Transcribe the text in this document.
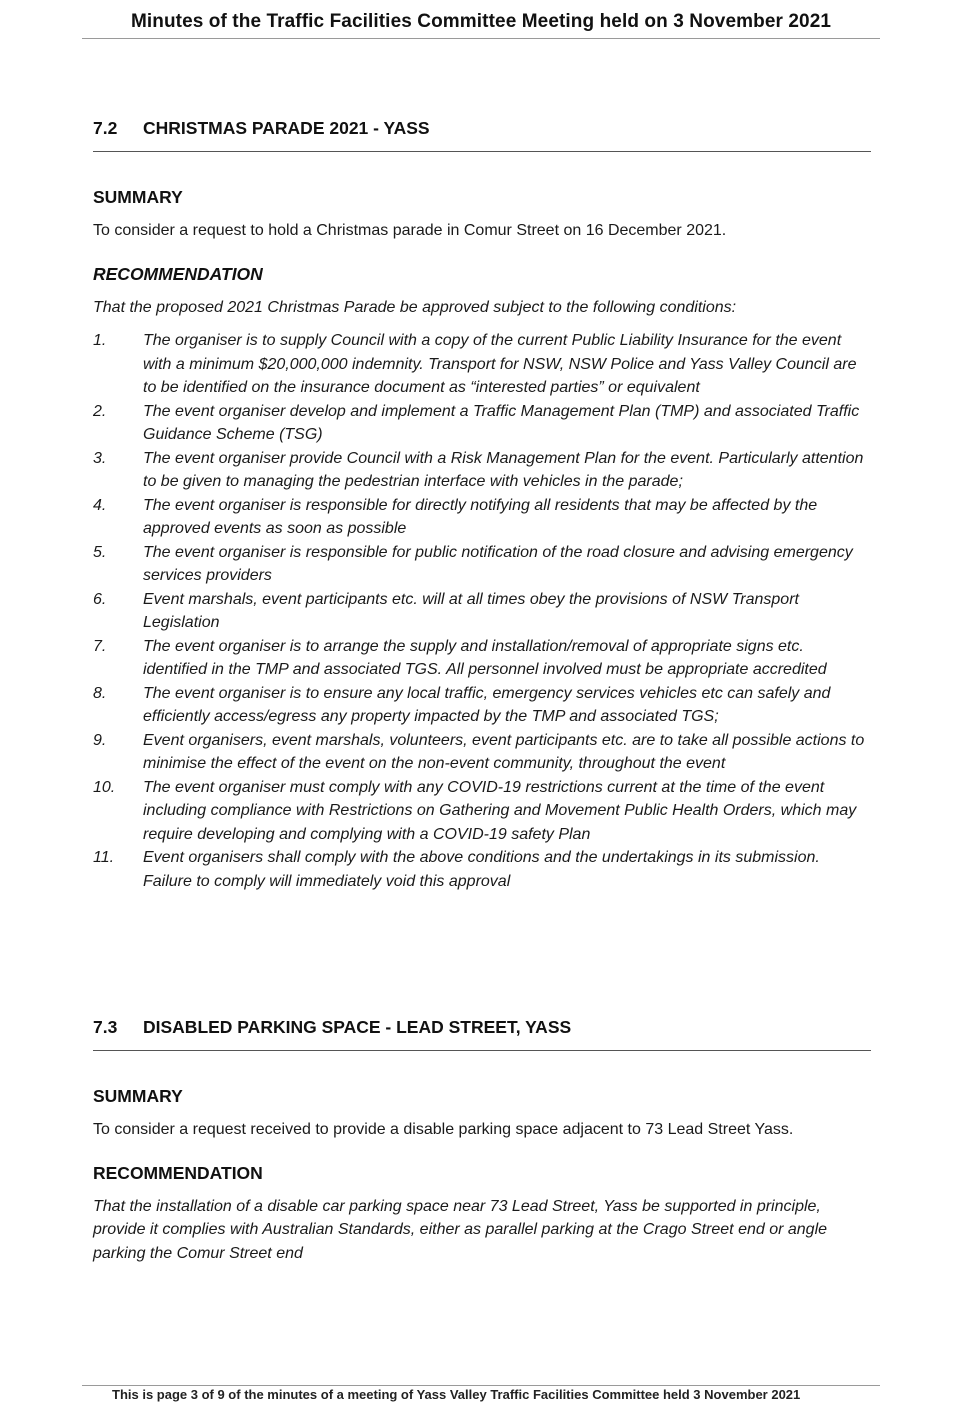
Minutes of the Traffic Facilities Committee Meeting held on 3 November 2021
7.2 CHRISTMAS PARADE 2021 - YASS
SUMMARY
To consider a request to hold a Christmas parade in Comur Street on 16 December 2021.
RECOMMENDATION
That the proposed 2021 Christmas Parade be approved subject to the following conditions:
1.	The organiser is to supply Council with a copy of the current Public Liability Insurance for the event with a minimum $20,000,000 indemnity. Transport for NSW, NSW Police and Yass Valley Council are to be identified on the insurance document as “interested parties” or equivalent
2.	The event organiser develop and implement a Traffic Management Plan (TMP) and associated Traffic Guidance Scheme (TSG)
3.	The event organiser provide Council with a Risk Management Plan for the event. Particularly attention to be given to managing the pedestrian interface with vehicles in the parade;
4.	The event organiser is responsible for directly notifying all residents that may be affected by the approved events as soon as possible
5.	The event organiser is responsible for public notification of the road closure and advising emergency services providers
6.	Event marshals, event participants etc. will at all times obey the provisions of NSW Transport Legislation
7.	The event organiser is to arrange the supply and installation/removal of appropriate signs etc. identified in the TMP and associated TGS. All personnel involved must be appropriate accredited
8.	The event organiser is to ensure any local traffic, emergency services vehicles etc can safely and efficiently access/egress any property impacted by the TMP and associated TGS;
9.	Event organisers, event marshals, volunteers, event participants etc. are to take all possible actions to minimise the effect of the event on the non-event community, throughout the event
10.	The event organiser must comply with any COVID-19 restrictions current at the time of the event including compliance with Restrictions on Gathering and Movement Public Health Orders, which may require developing and complying with a COVID-19 safety Plan
11.	Event organisers shall comply with the above conditions and the undertakings in its submission. Failure to comply will immediately void this approval
7.3 DISABLED PARKING SPACE - LEAD STREET, YASS
SUMMARY
To consider a request received to provide a disable parking space adjacent to 73 Lead Street Yass.
RECOMMENDATION
That the installation of a disable car parking space near 73 Lead Street, Yass be supported in principle, provide it complies with Australian Standards, either as parallel parking at the Crago Street end or angle parking the Comur Street end
This is page 3 of 9 of the minutes of a meeting of Yass Valley Traffic Facilities Committee held 3 November 2021
